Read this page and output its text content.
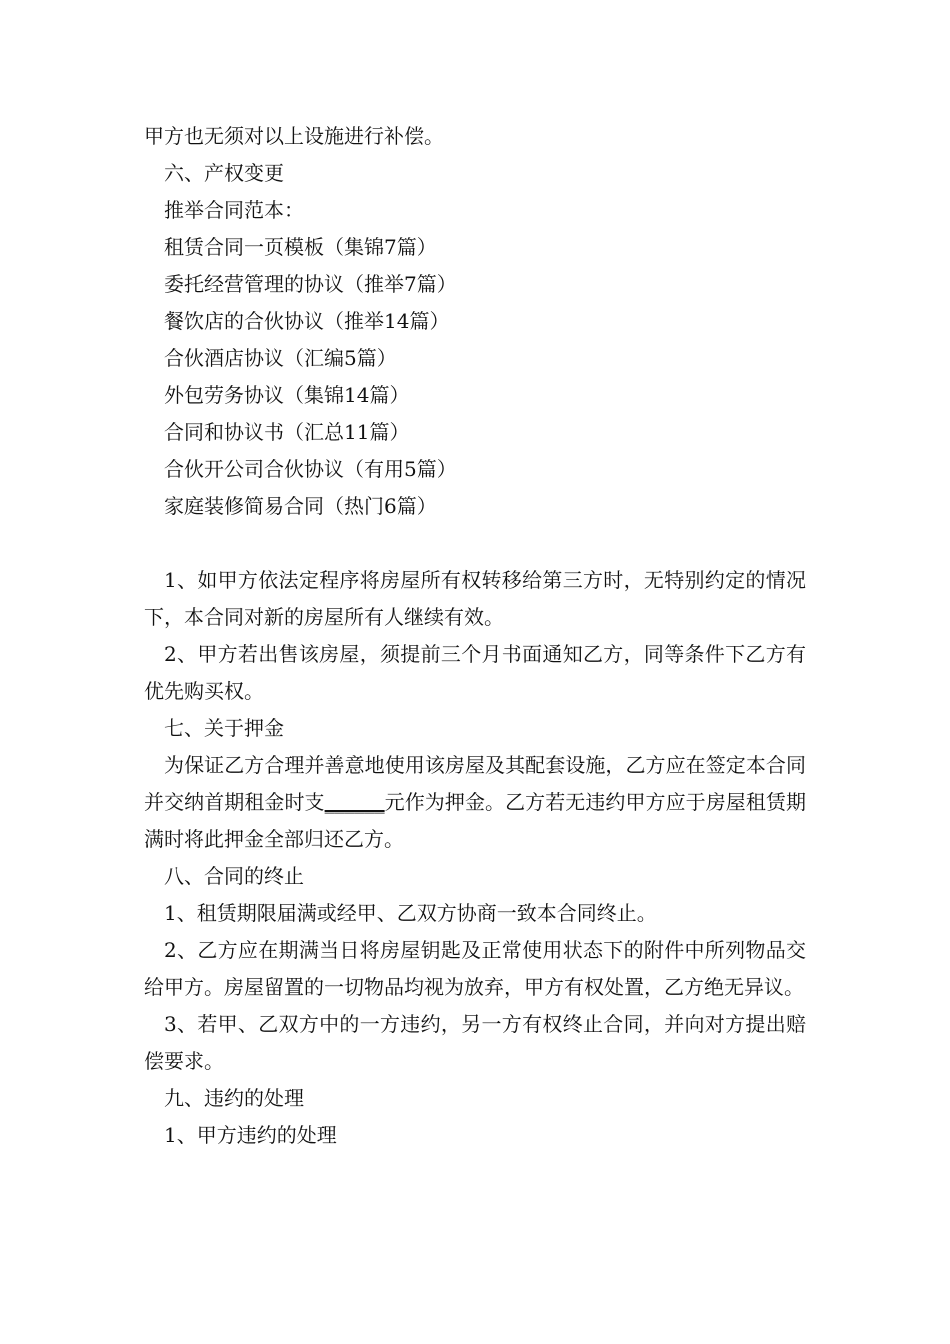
甲方也无须对以上设施进行补偿。
六、产权变更
推举合同范本：
租赁合同一页模板（集锦7篇）
委托经营管理的协议（推举7篇）
餐饮店的合伙协议（推举14篇）
合伙酒店协议（汇编5篇）
外包劳务协议（集锦14篇）
合同和协议书（汇总11篇）
合伙开公司合伙协议（有用5篇）
家庭装修简易合同（热门6篇）
1、如甲方依法定程序将房屋所有权转移给第三方时，无特别约定的情况下，本合同对新的房屋所有人继续有效。
2、甲方若出售该房屋，须提前三个月书面通知乙方，同等条件下乙方有优先购买权。
七、关于押金
为保证乙方合理并善意地使用该房屋及其配套设施，乙方应在签定本合同并交纳首期租金时支______元作为押金。乙方若无违约甲方应于房屋租赁期满时将此押金全部归还乙方。
八、合同的终止
1、租赁期限届满或经甲、乙双方协商一致本合同终止。
2、乙方应在期满当日将房屋钥匙及正常使用状态下的附件中所列物品交给甲方。房屋留置的一切物品均视为放弃，甲方有权处置，乙方绝无异议。
3、若甲、乙双方中的一方违约，另一方有权终止合同，并向对方提出赔偿要求。
九、违约的处理
1、甲方违约的处理
